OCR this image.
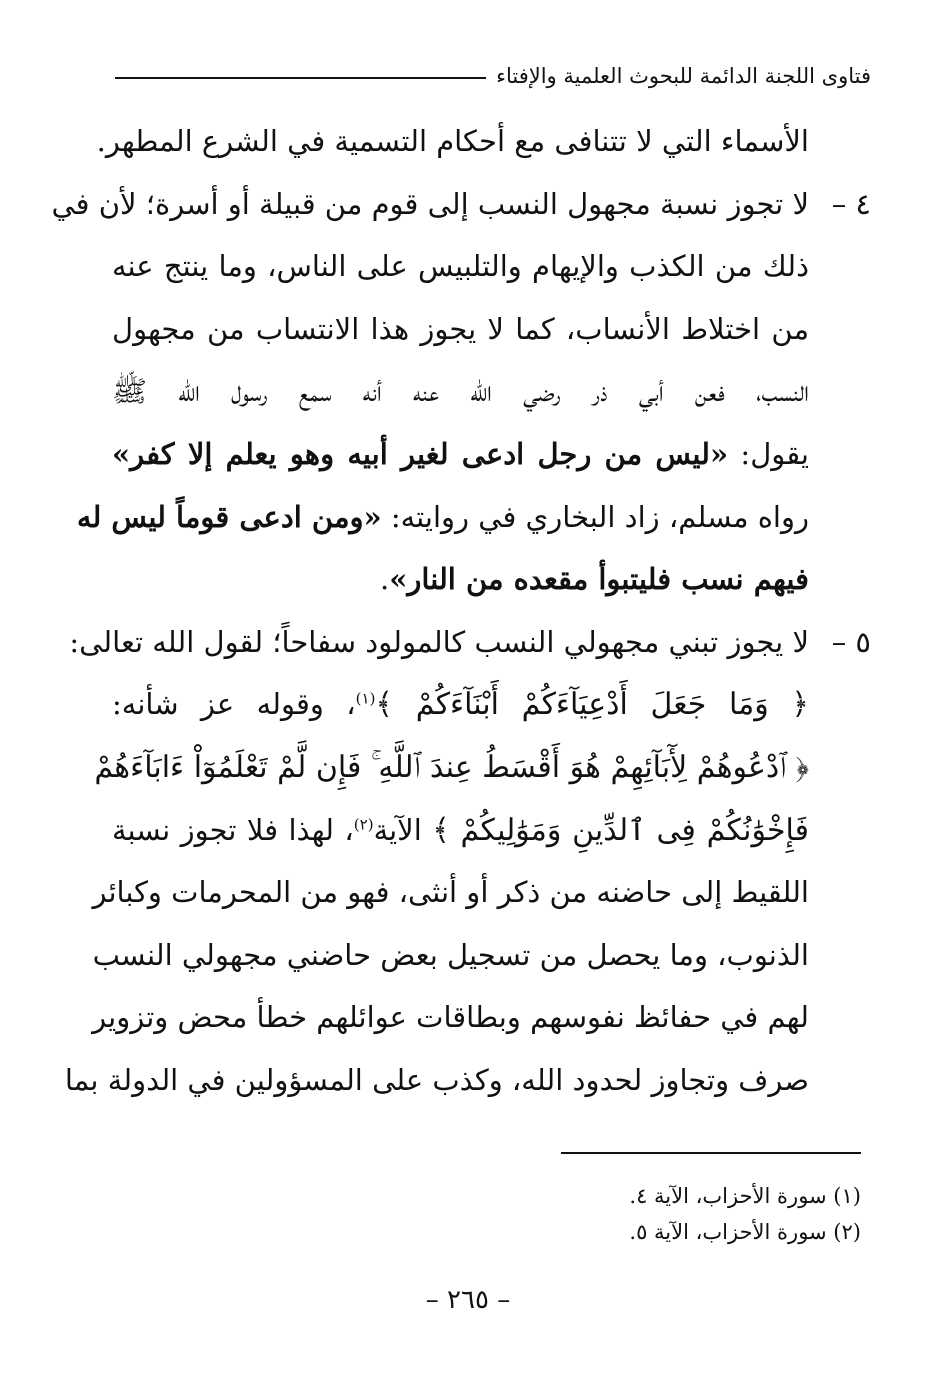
فتاوى اللجنة الدائمة للبحوث العلمية والإفتاء
الأسماء التي لا تتنافى مع أحكام التسمية في الشرع المطهر.
٤ –
لا تجوز نسبة مجهول النسب إلى قوم من قبيلة أو أسرة؛ لأن في
ذلك من الكذب والإيهام والتلبيس على الناس، وما ينتج عنه
من اختلاط الأنساب، كما لا يجوز هذا الانتساب من مجهول
النسب، فعن أبي ذر رضي الله عنه أنه سمع رسول الله ﷺ
يقول: «ليس من رجل ادعى لغير أبيه وهو يعلم إلا كفر»
رواه مسلم، زاد البخاري في روايته: «ومن ادعى قوماً ليس له
فيهم نسب فليتبوأ مقعده من النار».
٥ –
لا يجوز تبني مجهولي النسب كالمولود سفاحاً؛ لقول الله تعالى:
﴿ وَمَا جَعَلَ أَدْعِيَآءَكُمْ أَبْنَآءَكُمْ ﴾$^{(١)}$، وقوله عز شأنه:
﴿ ٱدْعُوهُمْ لِأٓبَآئِهِمْ هُوَ أَقْسَطُ عِندَ ٱللَّهِ ۚ فَإِن لَّمْ تَعْلَمُوٓاْ ءَابَآءَهُمْ
فَإِخْوَٰنُكُمْ فِى ٱلدِّينِ وَمَوَٰلِيكُمْ ﴾ الآية$^{(٢)}$، لهذا فلا تجوز نسبة
اللقيط إلى حاضنه من ذكر أو أنثى، فهو من المحرمات وكبائر
الذنوب، وما يحصل من تسجيل بعض حاضني مجهولي النسب
لهم في حفائظ نفوسهم وبطاقات عوائلهم خطأ محض وتزوير
صرف وتجاوز لحدود الله، وكذب على المسؤولين في الدولة بما
(١) سورة الأحزاب، الآية ٤.
(٢) سورة الأحزاب، الآية ٥.
– ٢٦٥ –
